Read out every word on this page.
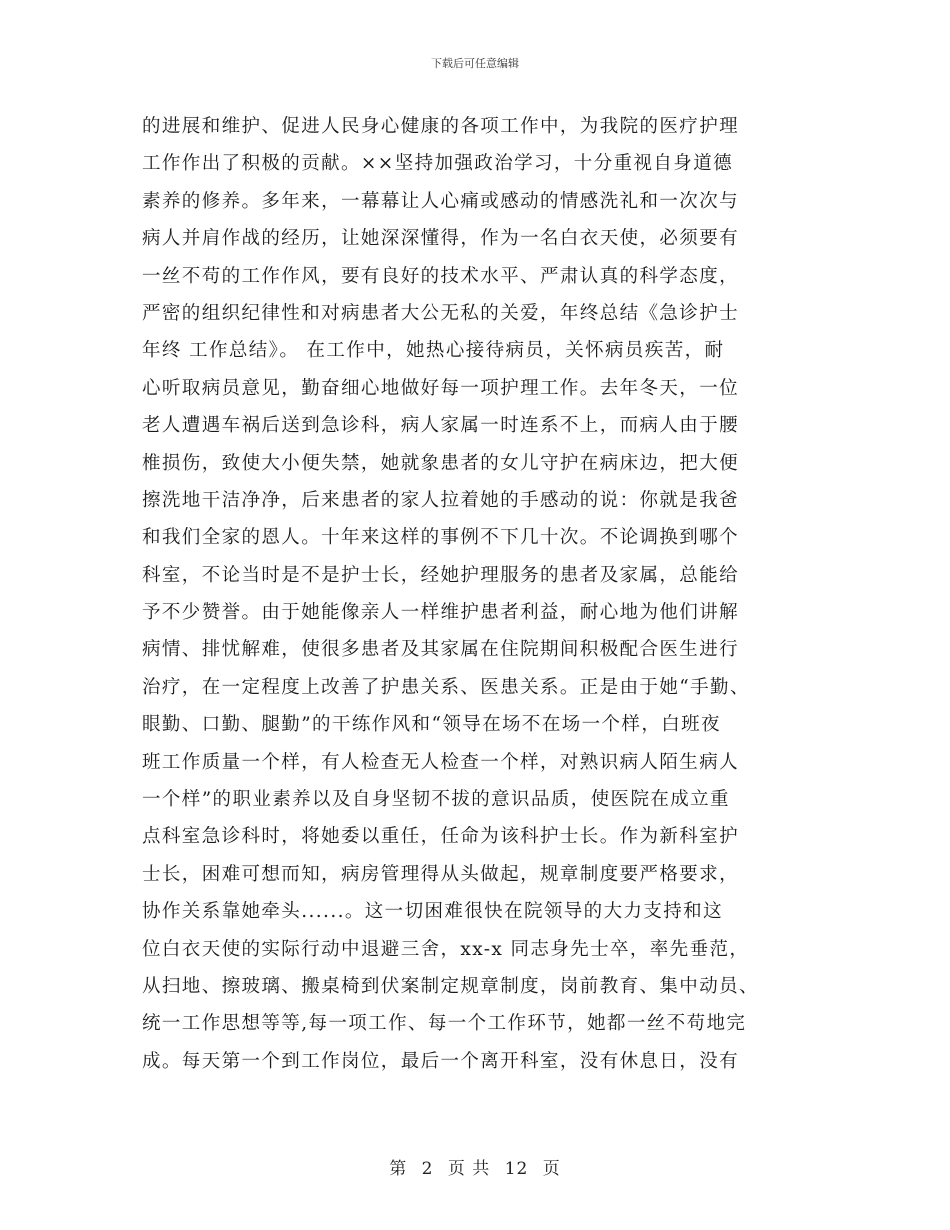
下载后可任意编辑
的进展和维护、促进人民身心健康的各项工作中，为我院的医疗护理
工作作出了积极的贡献。××坚持加强政治学习，十分重视自身道德
素养的修养。多年来，一幕幕让人心痛或感动的情感洗礼和一次次与
病人并肩作战的经历，让她深深懂得，作为一名白衣天使，必须要有
一丝不苟的工作作风，要有良好的技术水平、严肃认真的科学态度，
严密的组织纪律性和对病患者大公无私的关爱，年终总结《急诊护士
年终 工作总结》。 在工作中，她热心接待病员，关怀病员疾苦，耐
心听取病员意见，勤奋细心地做好每一项护理工作。去年冬天，一位
老人遭遇车祸后送到急诊科，病人家属一时连系不上，而病人由于腰
椎损伤，致使大小便失禁，她就象患者的女儿守护在病床边，把大便
擦洗地干洁净净，后来患者的家人拉着她的手感动的说：你就是我爸
和我们全家的恩人。十年来这样的事例不下几十次。不论调换到哪个
科室，不论当时是不是护士长，经她护理服务的患者及家属，总能给
予不少赞誉。由于她能像亲人一样维护患者利益，耐心地为他们讲解
病情、排忧解难，使很多患者及其家属在住院期间积极配合医生进行
治疗，在一定程度上改善了护患关系、医患关系。正是由于她“手勤、
眼勤、口勤、腿勤”的干练作风和“领导在场不在场一个样，白班夜
班工作质量一个样，有人检查无人检查一个样，对熟识病人陌生病人
一个样”的职业素养以及自身坚韧不拔的意识品质，使医院在成立重
点科室急诊科时，将她委以重任，任命为该科护士长。作为新科室护
士长，困难可想而知，病房管理得从头做起，规章制度要严格要求，
协作关系靠她牵头......。这一切困难很快在院领导的大力支持和这
位白衣天使的实际行动中退避三舍，xx-x 同志身先士卒，率先垂范，
从扫地、擦玻璃、搬桌椅到伏案制定规章制度，岗前教育、集中动员、
统一工作思想等等,每一项工作、每一个工作环节，她都一丝不苟地完
成。每天第一个到工作岗位，最后一个离开科室，没有休息日，没有
第 2 页 共 12 页
